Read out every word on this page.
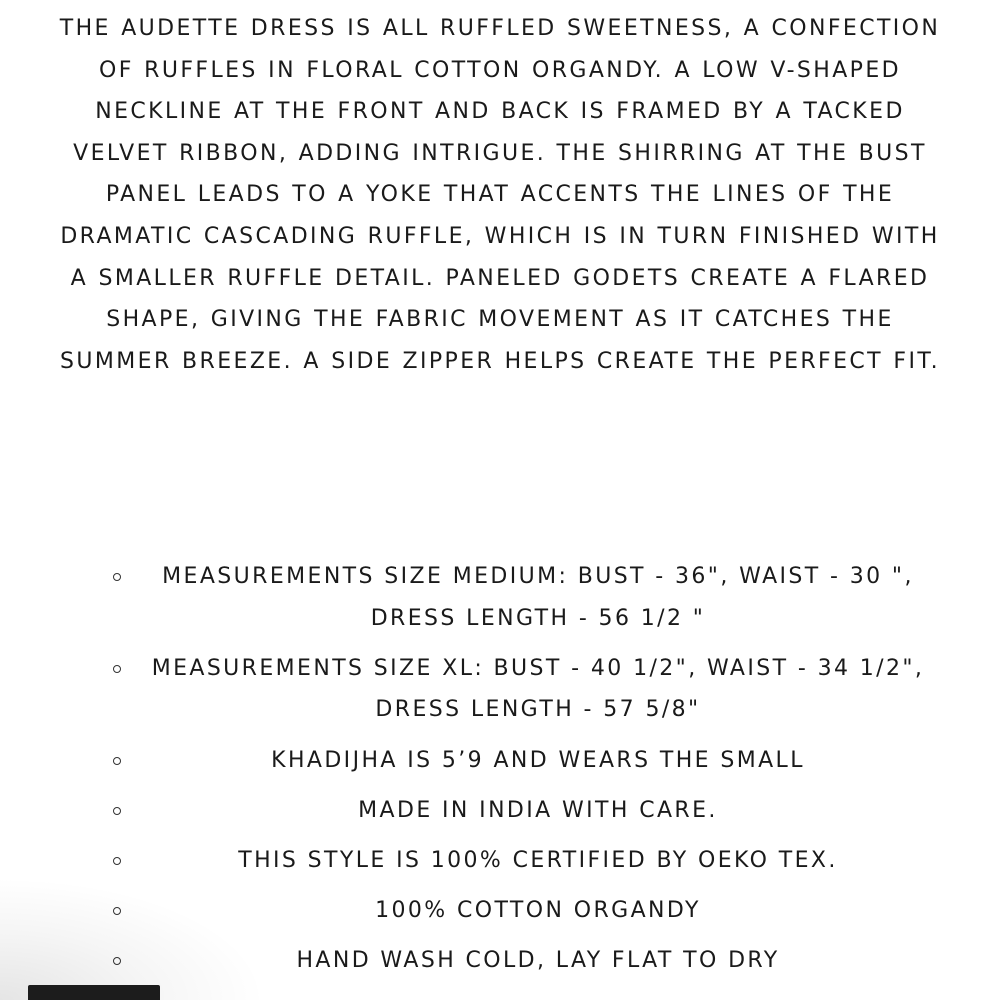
THE AUDETTE DRESS IS ALL RUFFLED SWEETNESS, A CONFECTION OF RUFFLES IN FLORAL COTTON ORGANDY. A LOW V-SHAPED NECKLINE AT THE FRONT AND BACK IS FRAMED BY A TACKED VELVET RIBBON, ADDING INTRIGUE. THE SHIRRING AT THE BUST PANEL LEADS TO A YOKE THAT ACCENTS THE LINES OF THE DRAMATIC CASCADING RUFFLE, WHICH IS IN TURN FINISHED WITH A SMALLER RUFFLE DETAIL. PANELED GODETS CREATE A FLARED SHAPE, GIVING THE FABRIC MOVEMENT AS IT CATCHES THE SUMMER BREEZE. A SIDE ZIPPER HELPS CREATE THE PERFECT FIT.

MEASUREMENTS SIZE MEDIUM: BUST - 36", WAIST - 30 ", DRESS LENGTH - 56 1/2 "
MEASUREMENTS SIZE XL: BUST - 40 1/2", WAIST - 34 1/2", DRESS LENGTH - 57 5/8"
KHADIJHA IS 5’9 AND WEARS THE SMALL
MADE IN INDIA WITH CARE.
THIS STYLE IS 100% CERTIFIED BY OEKO TEX.
100% COTTON ORGANDY
HAND WASH COLD, LAY FLAT TO DRY
